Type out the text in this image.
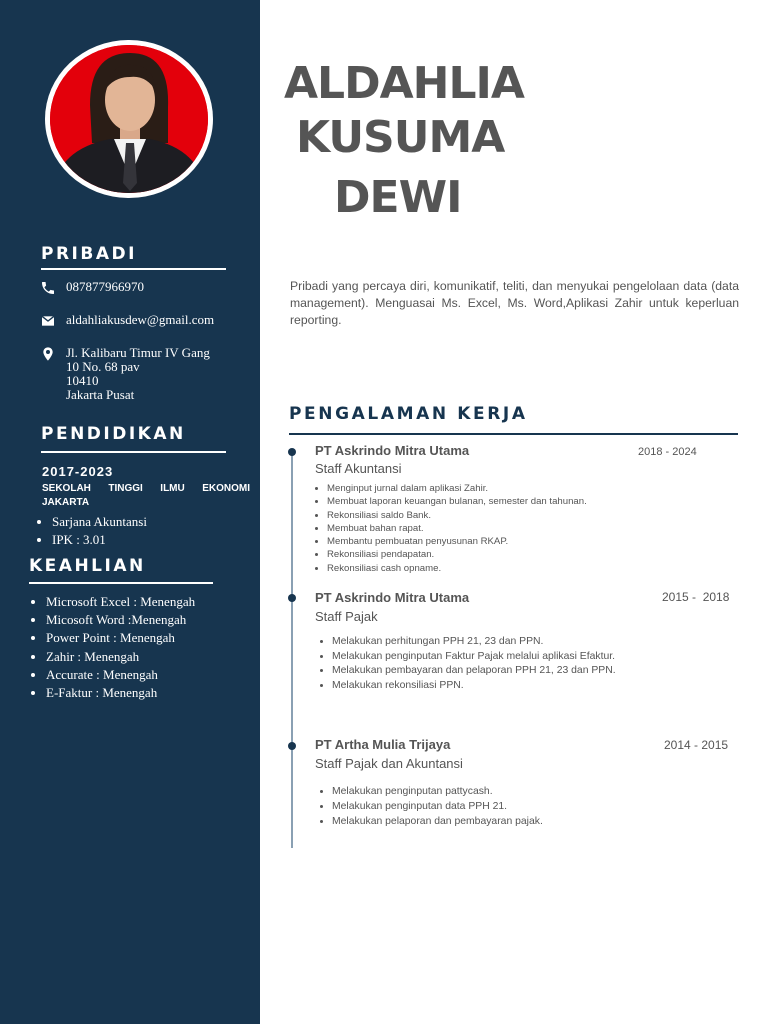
PRIBADI
087877966970
aldahliakusdew@gmail.com
Jl. Kalibaru Timur IV Gang
10 No. 68 pav
10410
Jakarta Pusat
PENDIDIKAN
2017-2023
SEKOLAH TINGGI ILMU EKONOMI JAKARTA
• Sarjana Akuntansi
• IPK : 3.01
KEAHLIAN
• Microsoft Excel : Menengah
• Micosoft Word :Menengah
• Power Point : Menengah
• Zahir : Menengah
• Accurate : Menengah
• E-Faktur : Menengah
ALDAHLIA
KUSUMA
DEWI
Pribadi yang percaya diri, komunikatif, teliti, dan menyukai pengelolaan data (data management). Menguasai Ms. Excel, Ms. Word,Aplikasi Zahir untuk keperluan reporting.
PENGALAMAN KERJA
PT Askrindo Mitra Utama
Staff Akuntansi
2018 - 2024
• Menginput jurnal dalam aplikasi Zahir.
• Membuat laporan keuangan bulanan, semester dan tahunan.
• Rekonsiliasi saldo Bank.
• Membuat bahan rapat.
• Membantu pembuatan penyusunan RKAP.
• Rekonsiliasi pendapatan.
• Rekonsiliasi cash opname.
PT Askrindo Mitra Utama
Staff Pajak
2015 -  2018
• Melakukan perhitungan PPH 21, 23 dan PPN.
• Melakukan penginputan Faktur Pajak melalui aplikasi Efaktur.
• Melakukan pembayaran dan pelaporan PPH 21, 23 dan PPN.
• Melakukan rekonsiliasi PPN.
PT Artha Mulia Trijaya
Staff Pajak dan Akuntansi
2014 - 2015
• Melakukan penginputan pattycash.
• Melakukan penginputan data PPH 21.
• Melakukan pelaporan dan pembayaran pajak.
